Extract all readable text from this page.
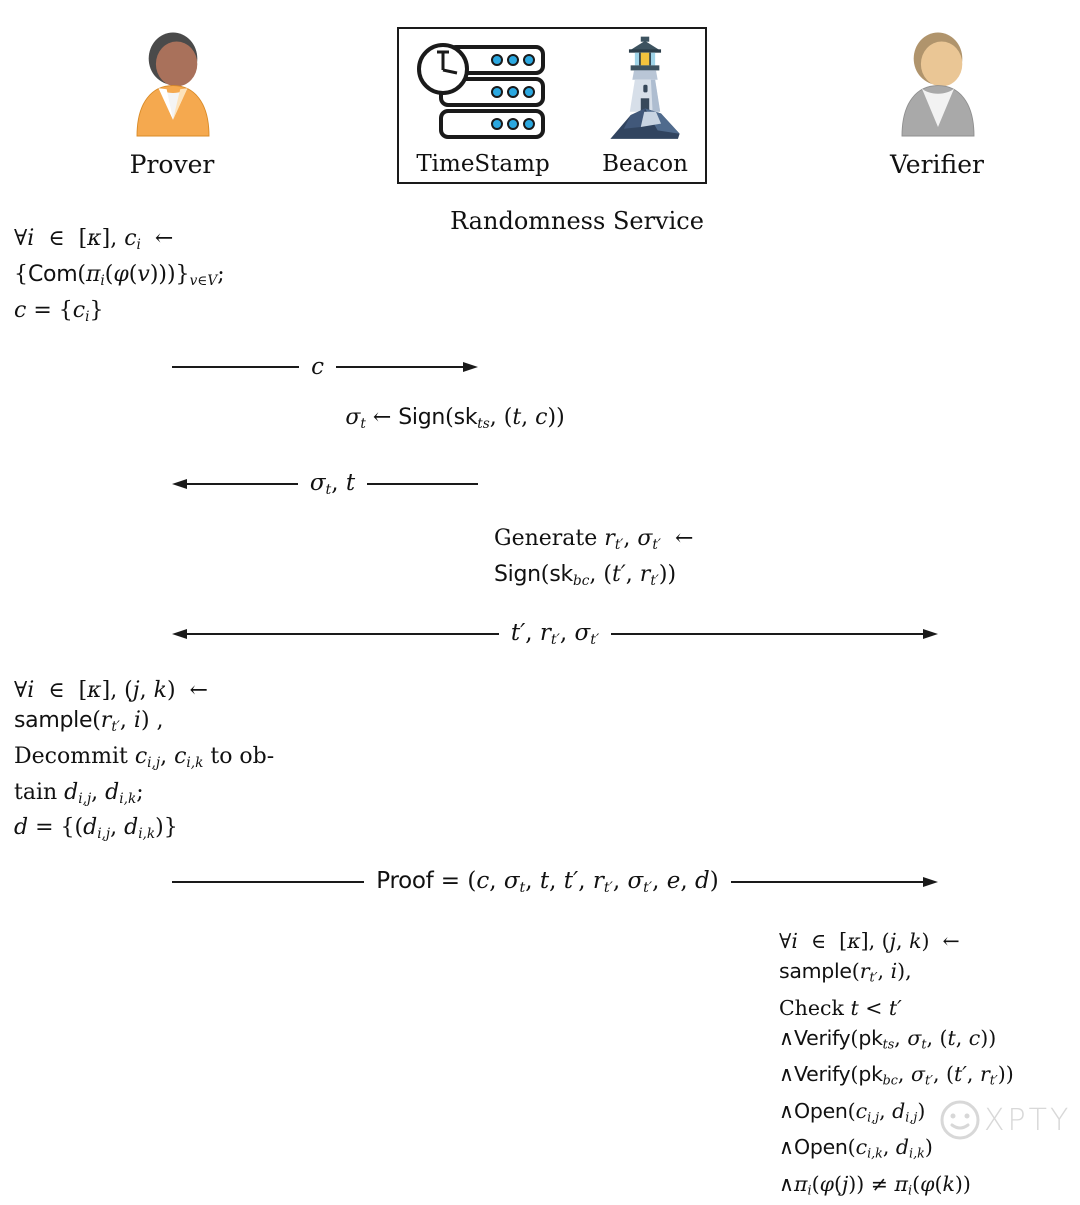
Prover	TimeStamp	Beacon
Randomness Service
Verifier
∀i  ∈  [κ], ci  ←
{Com(πi(φ(v)))}v∈V;
c = {ci}
c
σt ← Sign(skts, (t, c))
σt, t
Generate rt′, σt′  ←
Sign(skbc, (t′, rt′))
t′, rt′, σt′
∀i  ∈  [κ], (j, k)  ←
sample(rt′, i) ,
Decommit ci,j, ci,k to ob-
tain di,j, di,k;
d = {(di,j, di,k)}
Proof = (c, σt, t, t′, rt′, σt′, e, d)
∀i  ∈  [κ], (j, k)  ←
sample(rt′, i),
Check t < t′
∧Verify(pkts, σt, (t, c))
∧Verify(pkbc, σt′, (t′, rt′))
∧Open(ci,j, di,j)
∧Open(ci,k, di,k)
∧πi(φ(j)) ≠ πi(φ(k))
XPTY
